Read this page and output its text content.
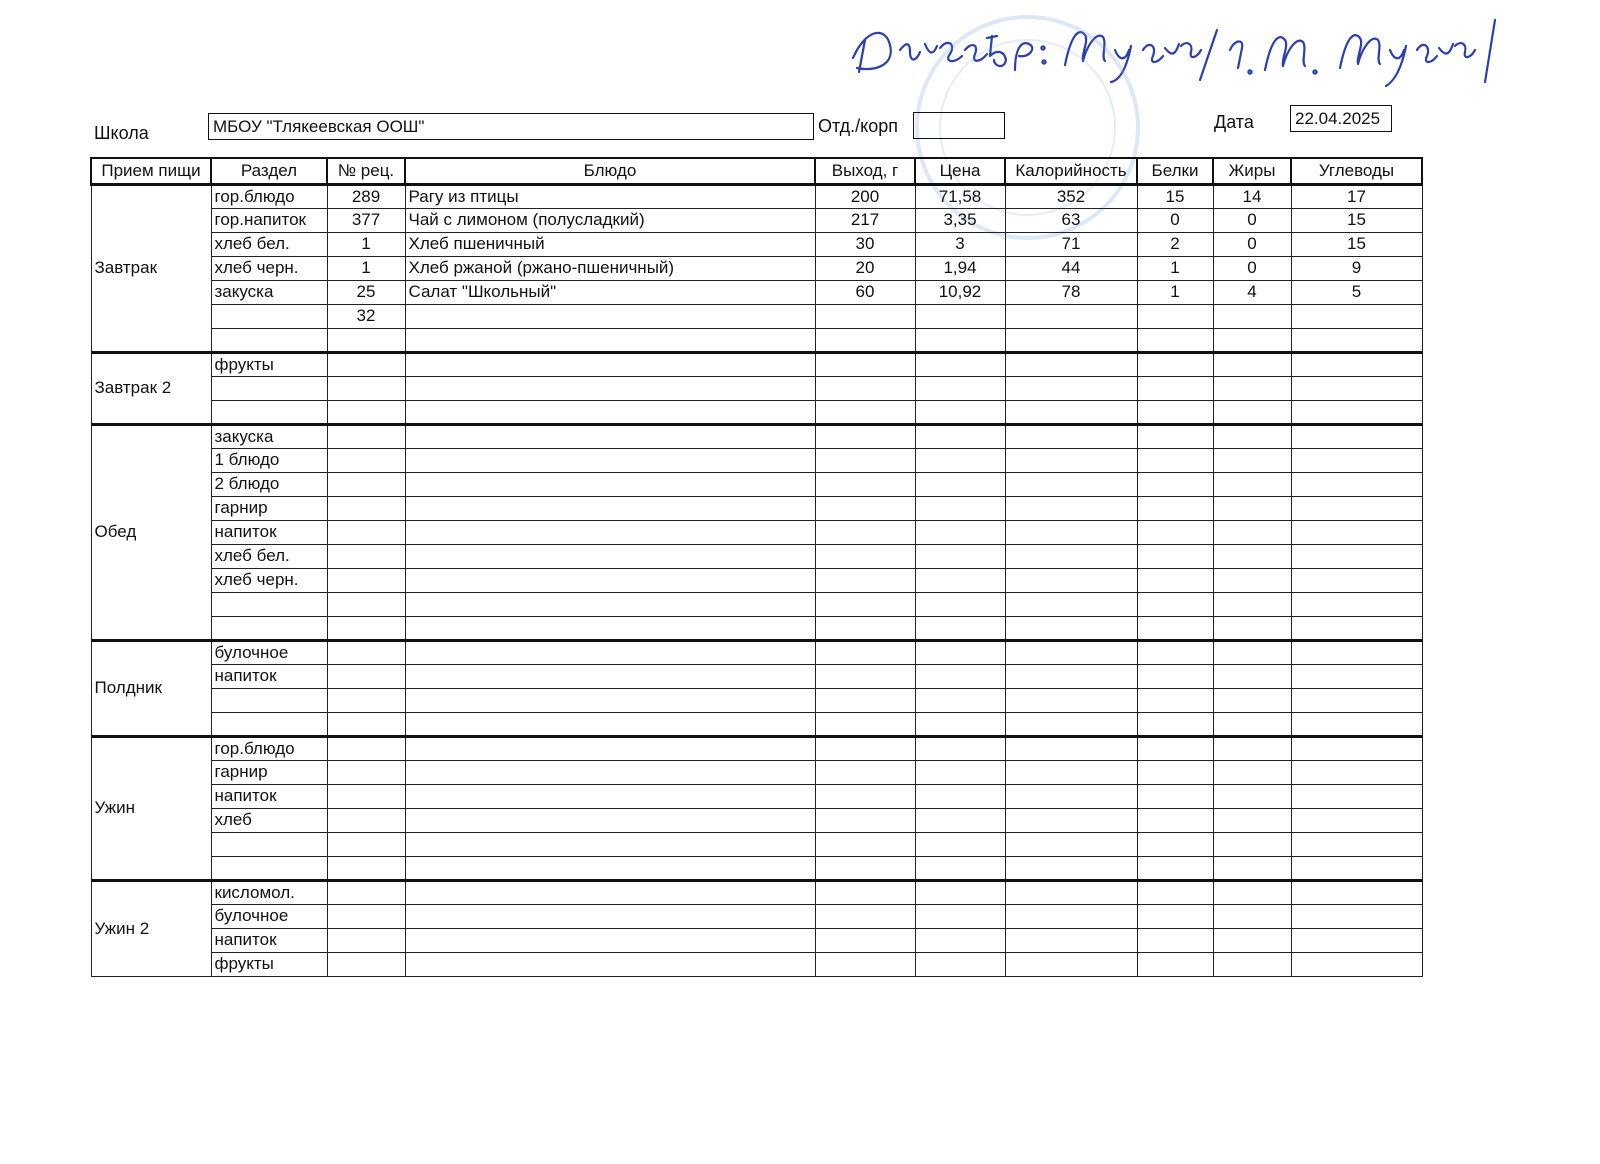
Школа	МБОУ "Тлякеевская ООШ"	Отд./корп	Дата 22.04.2025
Прием пищи	Раздел	№ рец.	Блюдо	Выход, г	Цена	Калорийность	Белки	Жиры	Углеводы
Завтрак	гор.блюдо	289	Рагу из птицы	200	71,58	352	15	14	17
	гор.напиток	377	Чай с лимоном (полусладкий)	217	3,35	63	0	0	15
	хлеб бел.	1	Хлеб пшеничный	30	3	71	2	0	15
	хлеб черн.	1	Хлеб ржаной (ржано-пшеничный)	20	1,94	44	1	0	9
	закуска	25	Салат "Школьный"	60	10,92	78	1	4	5
		32							

Завтрак 2	фрукты								

Обед	закуска								
	1 блюдо								
	2 блюдо								
	гарнир								
	напиток								
	хлеб бел.								
	хлеб черн.								

Полдник	булочное								
	напиток								

Ужин	гор.блюдо								
	гарнир								
	напиток								
	хлеб								

Ужин 2	кисломол.								
	булочное								
	напиток								
	фрукты								
